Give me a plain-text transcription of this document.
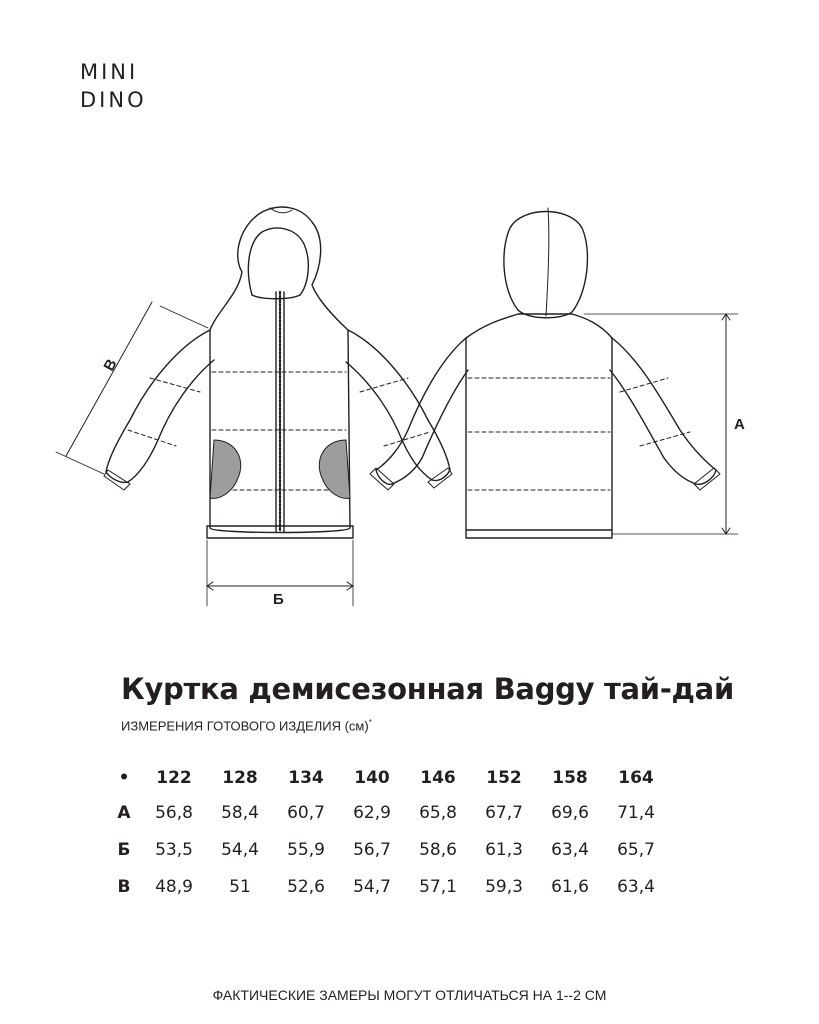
MINI
DINO
А
Б
В
Куртка демисезонная Baggy тай-дай
ИЗМЕРЕНИЯ ГОТОВОГО ИЗДЕЛИЯ (см)*
•	122	128	134	140	146	152	158	164
А	56,8	58,4	60,7	62,9	65,8	67,7	69,6	71,4
Б	53,5	54,4	55,9	56,7	58,6	61,3	63,4	65,7
В	48,9	51	52,6	54,7	57,1	59,3	61,6	63,4
ФАКТИЧЕСКИЕ ЗАМЕРЫ МОГУТ ОТЛИЧАТЬСЯ НА 1--2 СМ
